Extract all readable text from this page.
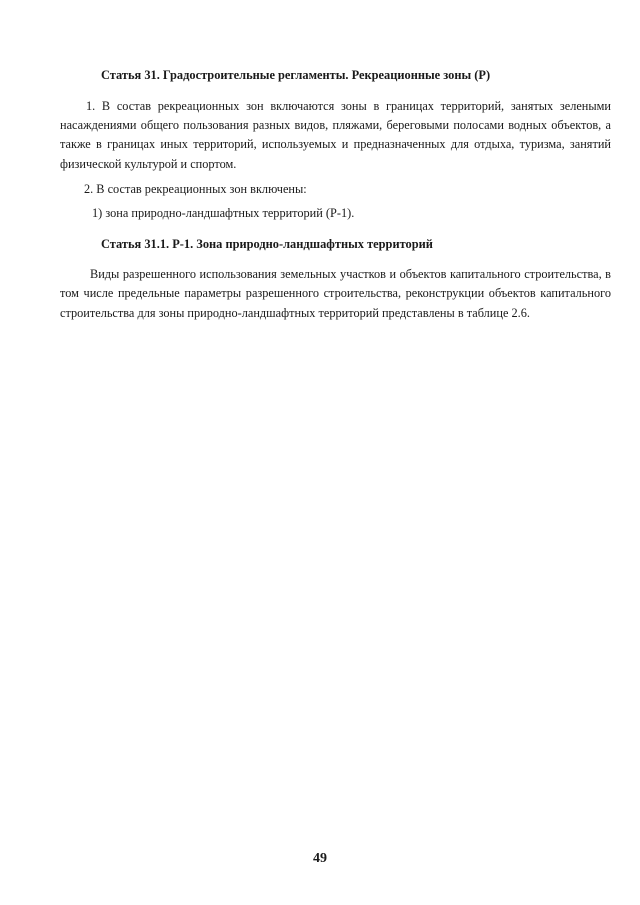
Статья 31. Градостроительные регламенты. Рекреационные зоны (Р)

1. В состав рекреационных зон включаются зоны в границах территорий, занятых зелеными насаждениями общего пользования разных видов, пляжами, береговыми полосами водных объектов, а также в границах иных территорий, используемых и предназначенных для отдыха, туризма, занятий физической культурой и спортом.

2. В состав рекреационных зон включены:

1) зона природно-ландшафтных территорий (Р-1).

Статья 31.1. Р-1. Зона природно-ландшафтных территорий

Виды разрешенного использования земельных участков и объектов капитального строительства, в том числе предельные параметры разрешенного строительства, реконструкции объектов капитального строительства для зоны природно-ландшафтных территорий представлены в таблице 2.6.

49
